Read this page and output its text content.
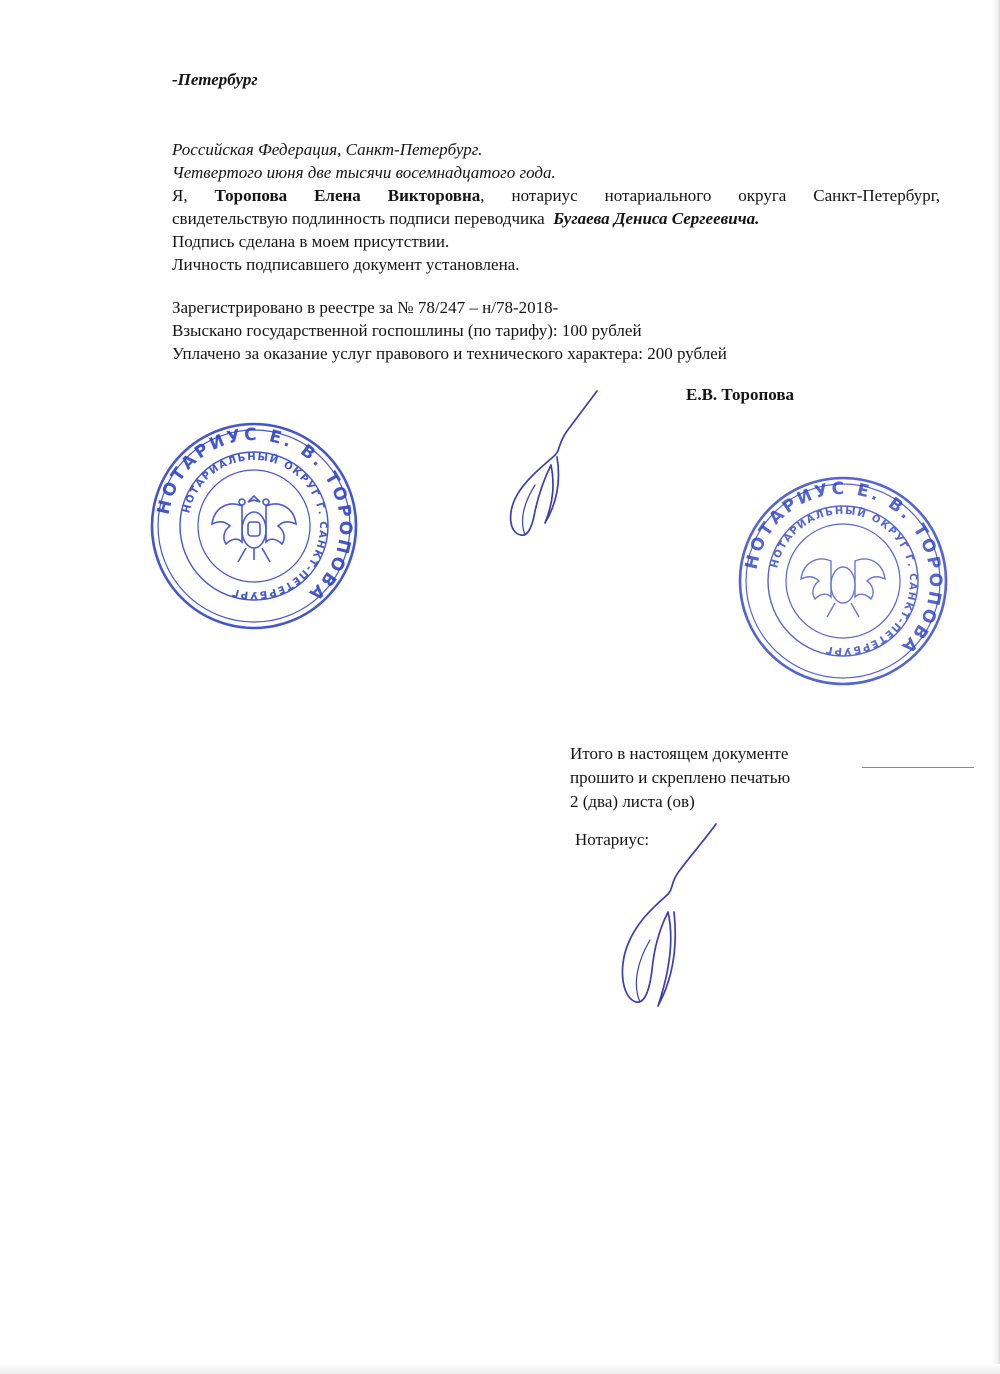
-Петербург
Российская Федерация, Санкт-Петербург.
Четвертого июня две тысячи восемнадцатого года.
Я, Торопова Елена Викторовна, нотариус нотариального округа Санкт-Петербург,
свидетельствую подлинность подписи переводчика Бугаева Дениса Сергеевича.
Подпись сделана в моем присутствии.
Личность подписавшего документ установлена.
Зарегистрировано в реестре за № 78/247 – н/78-2018-
Взыскано государственной госпошлины (по тарифу): 100 рублей
Уплачено за оказание услуг правового и технического характера: 200 рублей
Е.В. Торопова
НОТАРИУС Е. В. ТОРОПОВА
НОТАРИАЛЬНЫЙ ОКРУГ Г. САНКТ-ПЕТЕРБУРГ
НОТАРИУС Е. В. ТОРОПОВА
НОТАРИАЛЬНЫЙ ОКРУГ Г. САНКТ-ПЕТЕРБУРГ
Итого в настоящем документе
прошито и скреплено печатью
2 (два) листа (ов)
Нотариус:
